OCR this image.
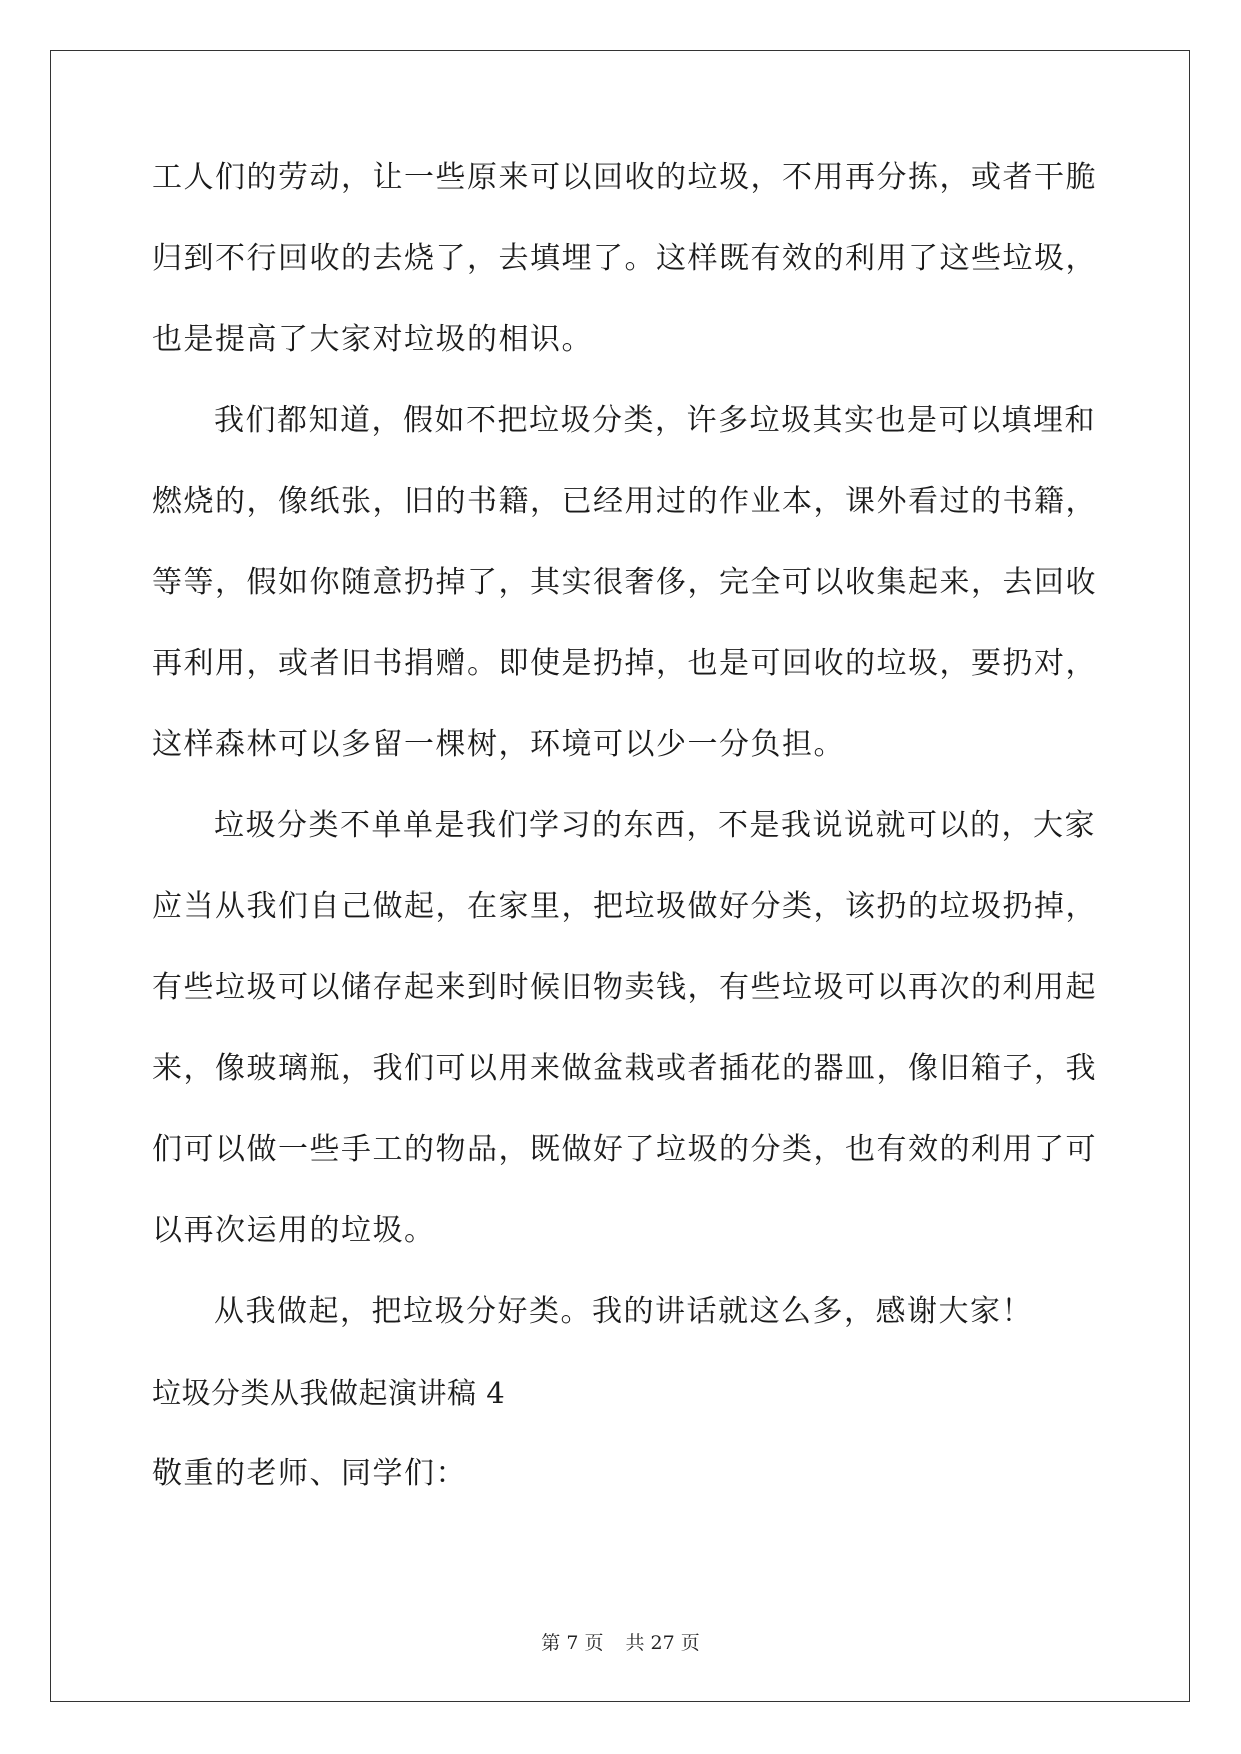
工人们的劳动，让一些原来可以回收的垃圾，不用再分拣，或者干脆
归到不行回收的去烧了，去填埋了。这样既有效的利用了这些垃圾，
也是提高了大家对垃圾的相识。
我们都知道，假如不把垃圾分类，许多垃圾其实也是可以填埋和
燃烧的，像纸张，旧的书籍，已经用过的作业本，课外看过的书籍，
等等，假如你随意扔掉了，其实很奢侈，完全可以收集起来，去回收
再利用，或者旧书捐赠。即使是扔掉，也是可回收的垃圾，要扔对，
这样森林可以多留一棵树，环境可以少一分负担。
垃圾分类不单单是我们学习的东西，不是我说说就可以的，大家
应当从我们自己做起，在家里，把垃圾做好分类，该扔的垃圾扔掉，
有些垃圾可以储存起来到时候旧物卖钱，有些垃圾可以再次的利用起
来，像玻璃瓶，我们可以用来做盆栽或者插花的器皿，像旧箱子，我
们可以做一些手工的物品，既做好了垃圾的分类，也有效的利用了可
以再次运用的垃圾。
从我做起，把垃圾分好类。我的讲话就这么多，感谢大家！
垃圾分类从我做起演讲稿 4
敬重的老师、同学们：
第 7 页 共 27 页
